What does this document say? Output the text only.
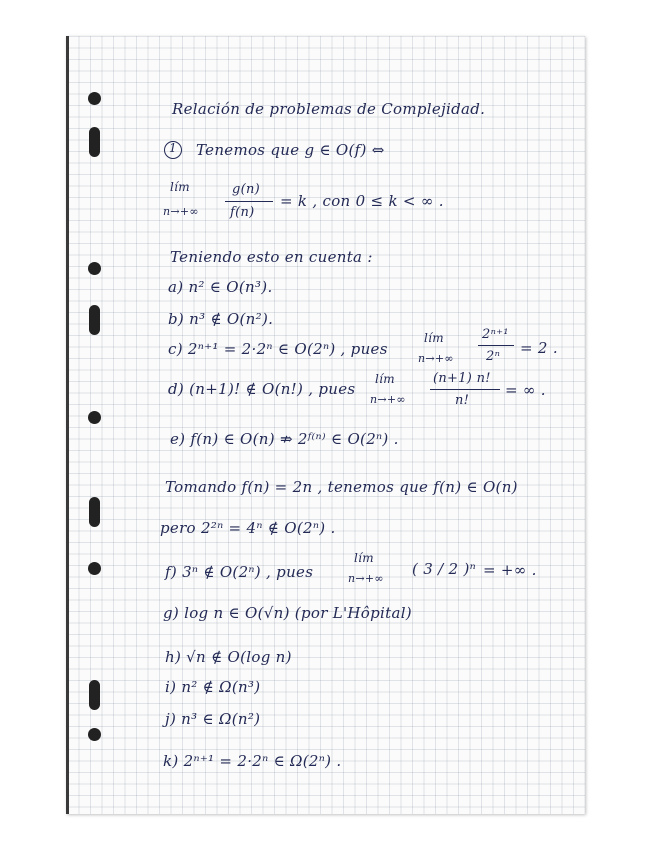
Relación de problemas de Complejidad.
1 Tenemos que g ∈ O(f) ⇔
lím
n→+∞
g(n)
f(n)
= k , con 0 ≤ k < ∞ .
Teniendo esto en cuenta :
a) n² ∈ O(n³).
b) n³ ∉ O(n²).
c) 2ⁿ⁺¹ = 2·2ⁿ ∈ O(2ⁿ) , pues
lím
n→+∞
2ⁿ⁺¹
2ⁿ = 2 .
d) (n+1)! ∉ O(n!) , pues
lím
n→+∞
(n+1) n!
n!
= ∞ .
e) f(n) ∈ O(n) ⇏ 2ᶠ⁽ⁿ⁾ ∈ O(2ⁿ) .
Tomando f(n) = 2n , tenemos que f(n) ∈ O(n)
pero 2²ⁿ = 4ⁿ ∉ O(2ⁿ) .
f) 3ⁿ ∉ O(2ⁿ) , pues
lím
n→+∞
( 3 / 2 )ⁿ = +∞ .
g) log n ∈ O(√n) (por L'Hôpital)
h) √n ∉ O(log n)
i) n² ∉ Ω(n³)
j) n³ ∈ Ω(n²)
k) 2ⁿ⁺¹ = 2·2ⁿ ∈ Ω(2ⁿ) .
